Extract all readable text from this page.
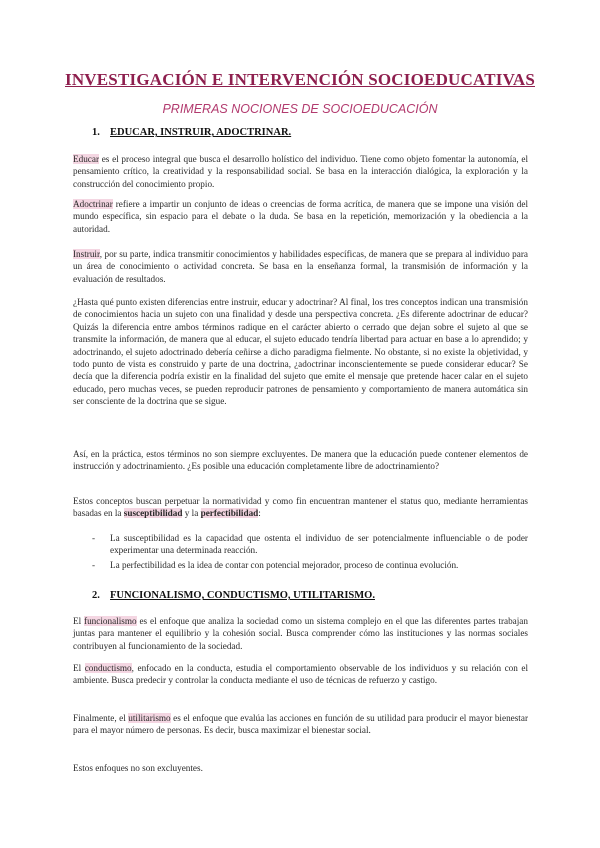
INVESTIGACIÓN E INTERVENCIÓN SOCIOEDUCATIVAS
PRIMERAS NOCIONES DE SOCIOEDUCACIÓN
1. EDUCAR, INSTRUIR, ADOCTRINAR.
Educar es el proceso integral que busca el desarrollo holístico del individuo. Tiene como objeto fomentar la autonomía, el pensamiento crítico, la creatividad y la responsabilidad social. Se basa en la interacción dialógica, la exploración y la construcción del conocimiento propio.
Adoctrinar refiere a impartir un conjunto de ideas o creencias de forma acrítica, de manera que se impone una visión del mundo específica, sin espacio para el debate o la duda. Se basa en la repetición, memorización y la obediencia a la autoridad.
Instruir, por su parte, indica transmitir conocimientos y habilidades específicas, de manera que se prepara al individuo para un área de conocimiento o actividad concreta. Se basa en la enseñanza formal, la transmisión de información y la evaluación de resultados.
¿Hasta qué punto existen diferencias entre instruir, educar y adoctrinar? Al final, los tres conceptos indican una transmisión de conocimientos hacia un sujeto con una finalidad y desde una perspectiva concreta. ¿Es diferente adoctrinar de educar? Quizás la diferencia entre ambos términos radique en el carácter abierto o cerrado que dejan sobre el sujeto al que se transmite la información, de manera que al educar, el sujeto educado tendría libertad para actuar en base a lo aprendido; y adoctrinando, el sujeto adoctrinado debería ceñirse a dicho paradigma fielmente. No obstante, si no existe la objetividad, y todo punto de vista es construido y parte de una doctrina, ¿adoctrinar inconscientemente se puede considerar educar? Se decía que la diferencia podría existir en la finalidad del sujeto que emite el mensaje que pretende hacer calar en el sujeto educado, pero muchas veces, se pueden reproducir patrones de pensamiento y comportamiento de manera automática sin ser consciente de la doctrina que se sigue.
Así, en la práctica, estos términos no son siempre excluyentes. De manera que la educación puede contener elementos de instrucción y adoctrinamiento. ¿Es posible una educación completamente libre de adoctrinamiento?
Estos conceptos buscan perpetuar la normatividad y como fin encuentran mantener el status quo, mediante herramientas basadas en la susceptibilidad y la perfectibilidad:
- La susceptibilidad es la capacidad que ostenta el individuo de ser potencialmente influenciable o de poder experimentar una determinada reacción.
- La perfectibilidad es la idea de contar con potencial mejorador, proceso de continua evolución.
2. FUNCIONALISMO, CONDUCTISMO, UTILITARISMO.
El funcionalismo es el enfoque que analiza la sociedad como un sistema complejo en el que las diferentes partes trabajan juntas para mantener el equilibrio y la cohesión social. Busca comprender cómo las instituciones y las normas sociales contribuyen al funcionamiento de la sociedad.
El conductismo, enfocado en la conducta, estudia el comportamiento observable de los individuos y su relación con el ambiente. Busca predecir y controlar la conducta mediante el uso de técnicas de refuerzo y castigo.
Finalmente, el utilitarismo es el enfoque que evalúa las acciones en función de su utilidad para producir el mayor bienestar para el mayor número de personas. Es decir, busca maximizar el bienestar social.
Estos enfoques no son excluyentes.
